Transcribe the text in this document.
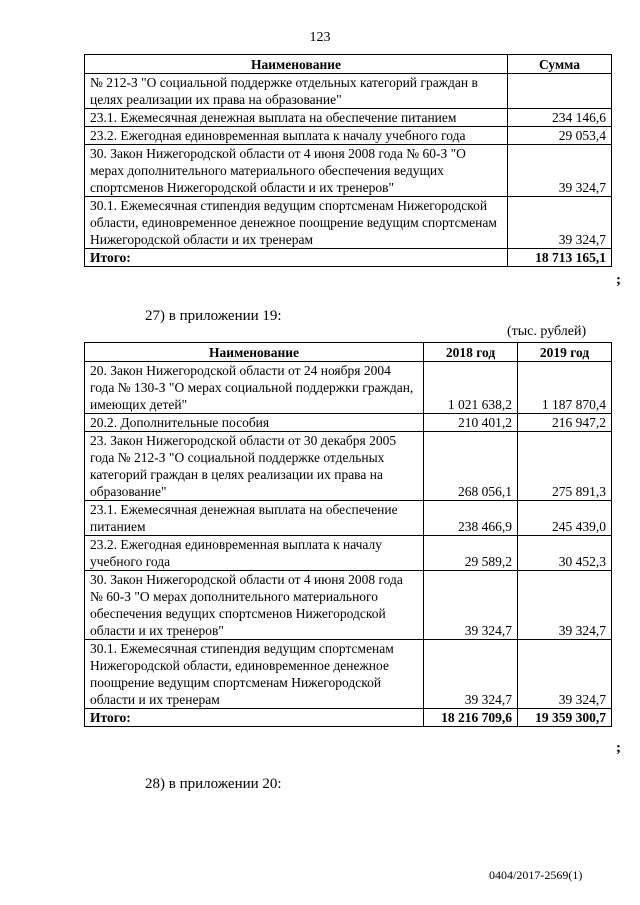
123
Наименование	Сумма
№ 212-З "О социальной поддержке отдельных категорий граждан в целях реализации их права на образование"	
23.1. Ежемесячная денежная выплата на обеспечение питанием	234 146,6
23.2. Ежегодная единовременная выплата к началу учебного года	29 053,4
30. Закон Нижегородской области от 4 июня 2008 года № 60-З "О мерах дополнительного материального обеспечения ведущих спортсменов Нижегородской области и их тренеров"	39 324,7
30.1. Ежемесячная стипендия ведущим спортсменам Нижегородской области, единовременное денежное поощрение ведущим спортсменам Нижегородской области и их тренерам	39 324,7
Итого:	18 713 165,1
;
27) в приложении 19:
(тыс. рублей)
Наименование	2018 год	2019 год
20. Закон Нижегородской области от 24 ноября 2004 года № 130-З "О мерах социальной поддержки граждан, имеющих детей"	1 021 638,2	1 187 870,4
20.2. Дополнительные пособия	210 401,2	216 947,2
23. Закон Нижегородской области от 30 декабря 2005 года № 212-З "О социальной поддержке отдельных категорий граждан в целях реализации их права на образование"	268 056,1	275 891,3
23.1. Ежемесячная денежная выплата на обеспечение питанием	238 466,9	245 439,0
23.2. Ежегодная единовременная выплата к началу учебного года	29 589,2	30 452,3
30. Закон Нижегородской области от 4 июня 2008 года № 60-З "О мерах дополнительного материального обеспечения ведущих спортсменов Нижегородской области и их тренеров"	39 324,7	39 324,7
30.1. Ежемесячная стипендия ведущим спортсменам Нижегородской области, единовременное денежное поощрение ведущим спортсменам Нижегородской области и их тренерам	39 324,7	39 324,7
Итого:	18 216 709,6	19 359 300,7
;
28) в приложении 20:
0404/2017-2569(1)
